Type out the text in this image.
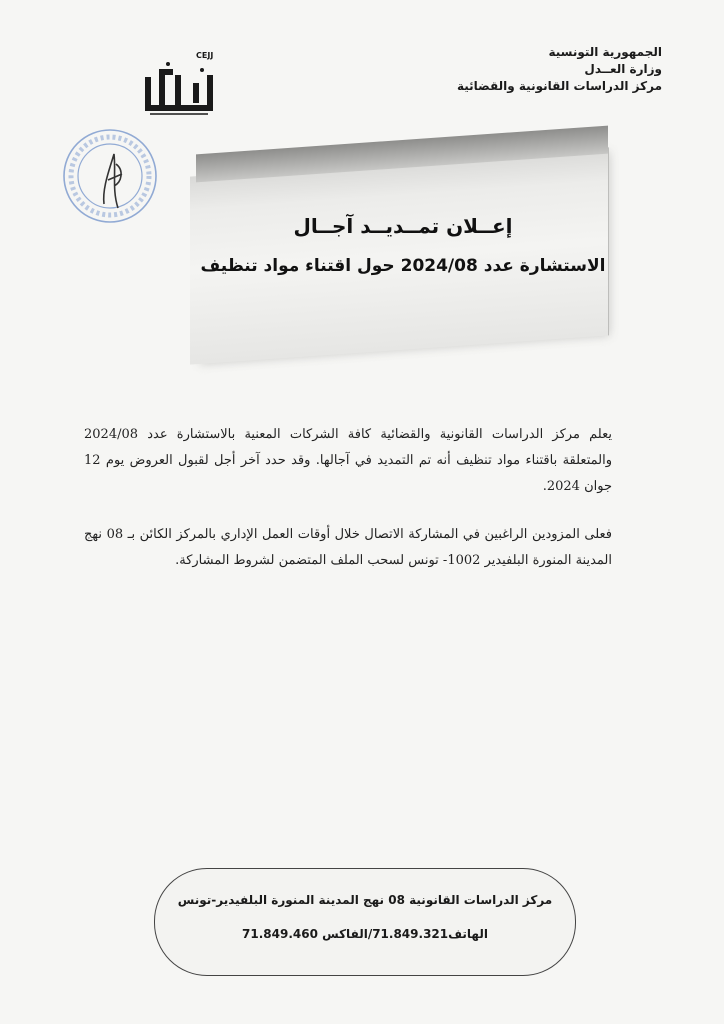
الجمهورية التونسية
وزارة العــدل
مركز الدراسات القانونية والقضائية
CEJJ
إعــلان تمــديــد آجــال
الاستشارة عدد 2024/08 حول اقتناء مواد تنظيف
يعلم مركز الدراسات القانونية والقضائية كافة الشركات المعنية بالاستشارة عدد 2024/08 والمتعلقة باقتناء مواد تنظيف أنه تم التمديد في آجالها. وقد حدد آخر أجل لقبول العروض يوم 12 جوان 2024.
فعلى المزودين الراغبين في المشاركة الاتصال خلال أوقات العمل الإداري بالمركز الكائن بـ 08 نهج المدينة المنورة البلفيدير 1002- تونس لسحب الملف المتضمن لشروط المشاركة.
مركز الدراسات القانونية 08 نهج المدينة المنورة البلفيدير-تونس
الهاتف71.849.321/الفاكس 71.849.460
